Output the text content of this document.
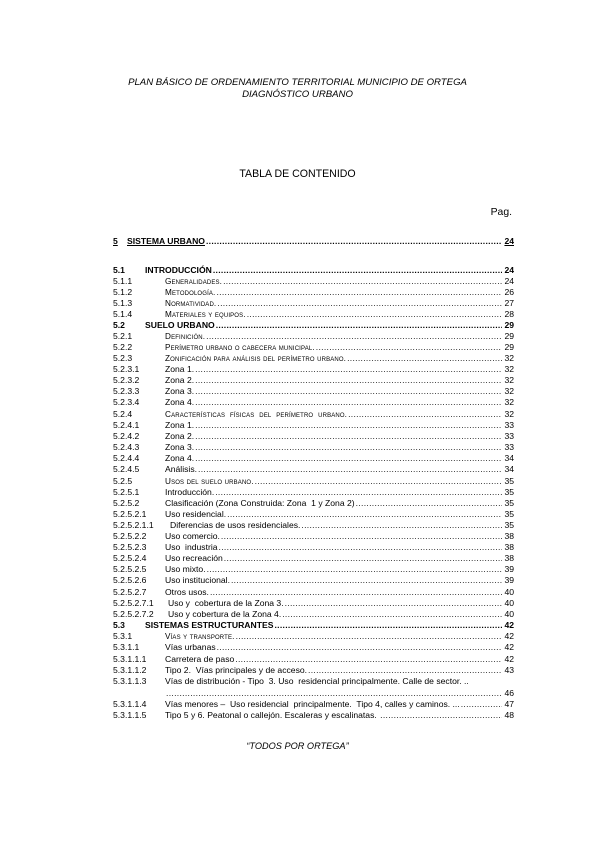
PLAN BÁSICO DE ORDENAMIENTO TERRITORIAL MUNICIPIO DE ORTEGA
DIAGNÓSTICO URBANO
TABLA DE CONTENIDO
Pag.
5 SISTEMA URBANO .....	24
5.1 INTRODUCCIÓN .....	24
5.1.1	Generalidades. .....	24
5.1.2	Metodología. .....	26
5.1.3	Normatividad. .....	27
5.1.4	Materiales y equipos. .....	28
5.2 SUELO URBANO .....	29
5.2.1	Definición. .....	29
5.2.2	Perímetro urbano o cabecera municipal. .....	29
5.2.3	Zonificación para análisis del perímetro urbano. .....	32
5.2.3.1	Zona 1. .....	32
5.2.3.2	Zona 2. .....	32
5.2.3.3	Zona 3. .....	32
5.2.3.4	Zona 4. .....	32
5.2.4	Características  físicas  del  perímetro  urbano. .....	32
5.2.4.1	Zona 1. .....	33
5.2.4.2	Zona 2. .....	33
5.2.4.3	Zona 3. .....	33
5.2.4.4	Zona 4. .....	34
5.2.4.5	Análisis. .....	34
5.2.5	Usos del suelo urbano. .....	35
5.2.5.1	Introducción. .....	35
5.2.5.2	Clasificación (Zona Construida: Zona  1 y Zona 2) .....	35
5.2.5.2.1 Uso residencial. .....	35
5.2.5.2.1.1 Diferencias de usos residenciales. .....	35
5.2.5.2.2 Uso comercio. .....	38
5.2.5.2.3 Uso  industria .....	38
5.2.5.2.4 Uso recreación .....	38
5.2.5.2.5 Uso mixto. .....	39
5.2.5.2.6 Uso institucional. .....	39
5.2.5.2.7 Otros usos. .....	40
5.2.5.2.7.1 Uso y  cobertura de la Zona 3. .....	40
5.2.5.2.7.2 Uso y cobertura de la Zona 4. .....	40
5.3 SISTEMAS ESTRUCTURANTES .....	42
5.3.1	Vías y transporte. .....	42
5.3.1.1	Vías urbanas .....	42
5.3.1.1.1 Carretera de paso .....	42
5.3.1.1.2 Tipo 2.  Vías principales y de acceso. .....	43
5.3.1.1.3 Vías de distribución - Tipo  3. Uso  residencial principalmente. Calle de sector. ..
.....
46
5.3.1.1.4 Vías menores –  Uso residencial  principalmente.  Tipo 4, calles y caminos. ... .....	47
5.3.1.1.5 Tipo 5 y 6. Peatonal o callejón. Escaleras y escalinatas. .....	48
“TODOS POR ORTEGA”
